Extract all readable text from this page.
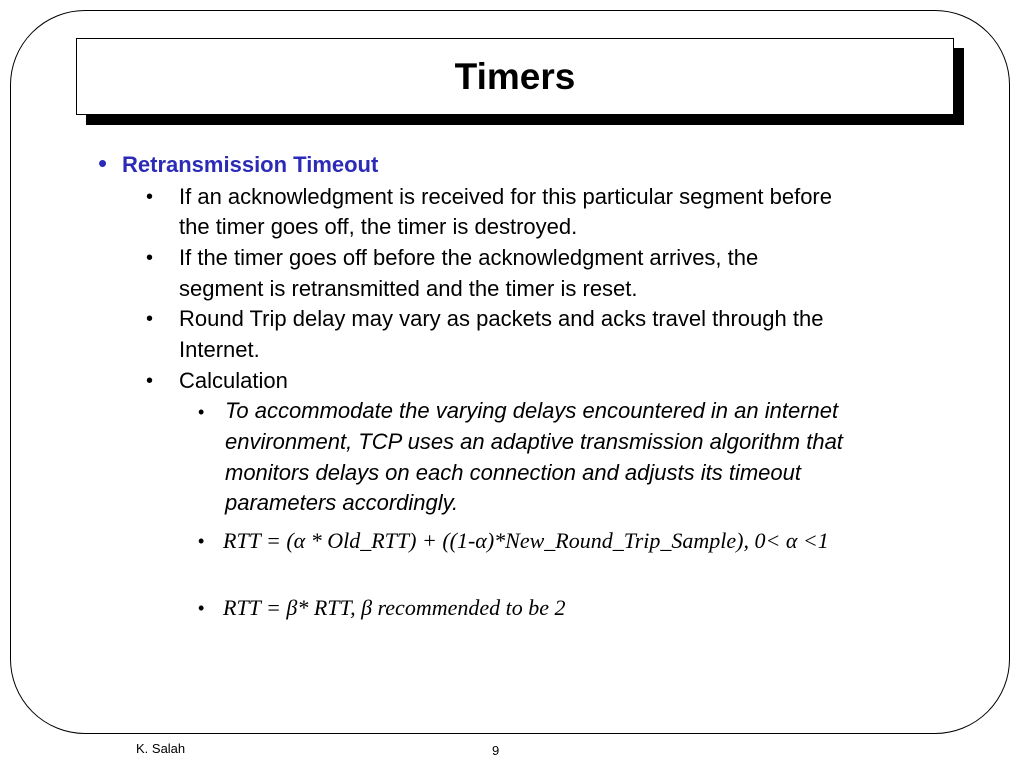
Timers
• Retransmission Timeout
• If an acknowledgment is received for this particular segment before
the timer goes off, the timer is destroyed.
• If the timer goes off before the acknowledgment arrives, the
segment is retransmitted and the timer is reset.
• Round Trip delay may vary as packets and acks travel through the
Internet.
• Calculation
• To accommodate the varying delays encountered in an internet
environment, TCP uses an adaptive transmission algorithm that
monitors delays on each connection and adjusts its timeout
parameters accordingly.
• RTT = (α * Old_RTT) + ((1-α)*New_Round_Trip_Sample), 0< α <1
• RTT = β* RTT, β recommended to be 2
K. Salah	9
